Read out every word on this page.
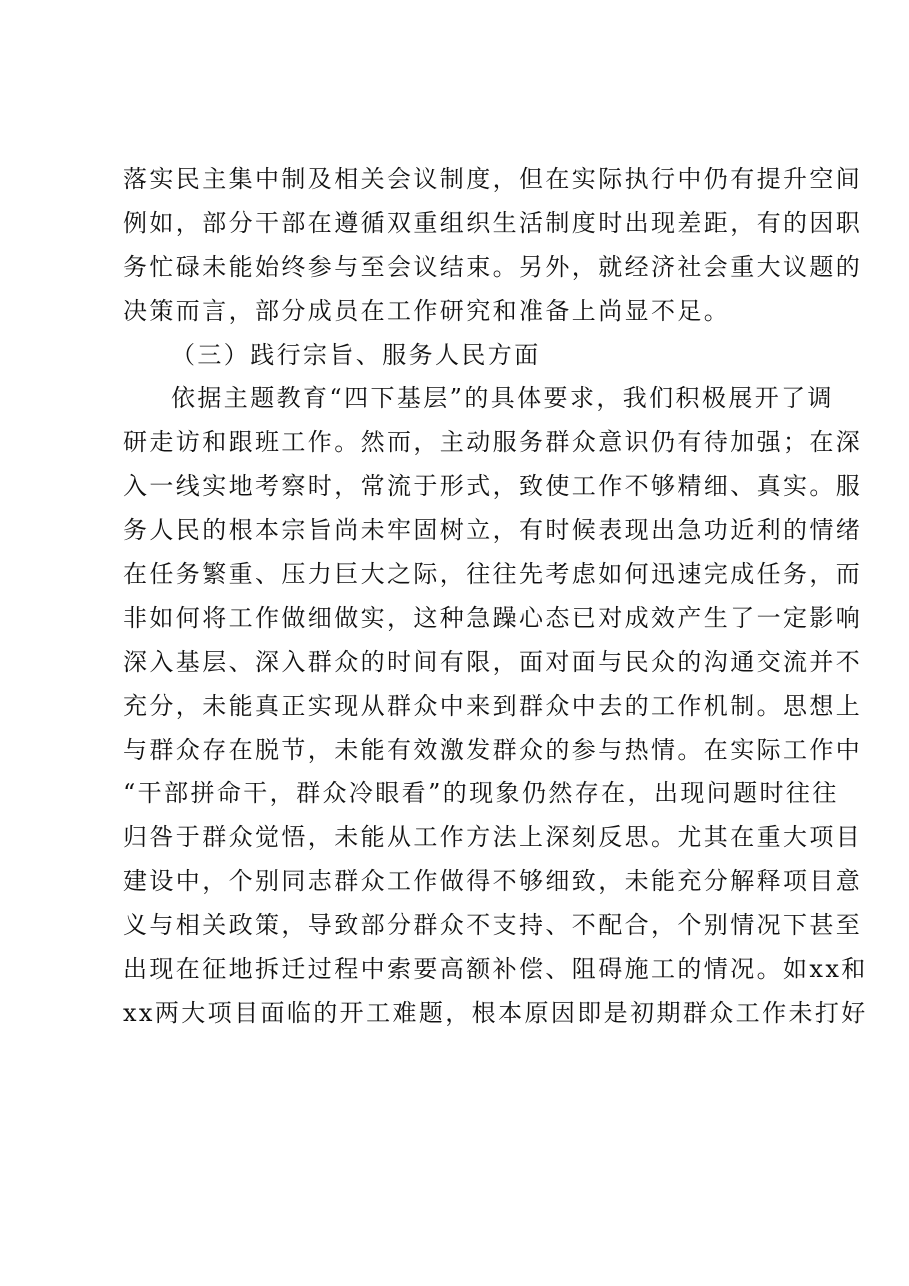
落实民主集中制及相关会议制度，但在实际执行中仍有提升空间
例如，部分干部在遵循双重组织生活制度时出现差距，有的因职
务忙碌未能始终参与至会议结束。另外，就经济社会重大议题的
决策而言，部分成员在工作研究和准备上尚显不足。
（三）践行宗旨、服务人民方面
依据主题教育“四下基层”的具体要求，我们积极展开了调
研走访和跟班工作。然而，主动服务群众意识仍有待加强；在深
入一线实地考察时，常流于形式，致使工作不够精细、真实。服
务人民的根本宗旨尚未牢固树立，有时候表现出急功近利的情绪
在任务繁重、压力巨大之际，往往先考虑如何迅速完成任务，而
非如何将工作做细做实，这种急躁心态已对成效产生了一定影响
深入基层、深入群众的时间有限，面对面与民众的沟通交流并不
充分，未能真正实现从群众中来到群众中去的工作机制。思想上
与群众存在脱节，未能有效激发群众的参与热情。在实际工作中
“干部拼命干，群众冷眼看”的现象仍然存在，出现问题时往往
归咎于群众觉悟，未能从工作方法上深刻反思。尤其在重大项目
建设中，个别同志群众工作做得不够细致，未能充分解释项目意
义与相关政策，导致部分群众不支持、不配合，个别情况下甚至
出现在征地拆迁过程中索要高额补偿、阻碍施工的情况。如xx和
xx两大项目面临的开工难题，根本原因即是初期群众工作未打好
